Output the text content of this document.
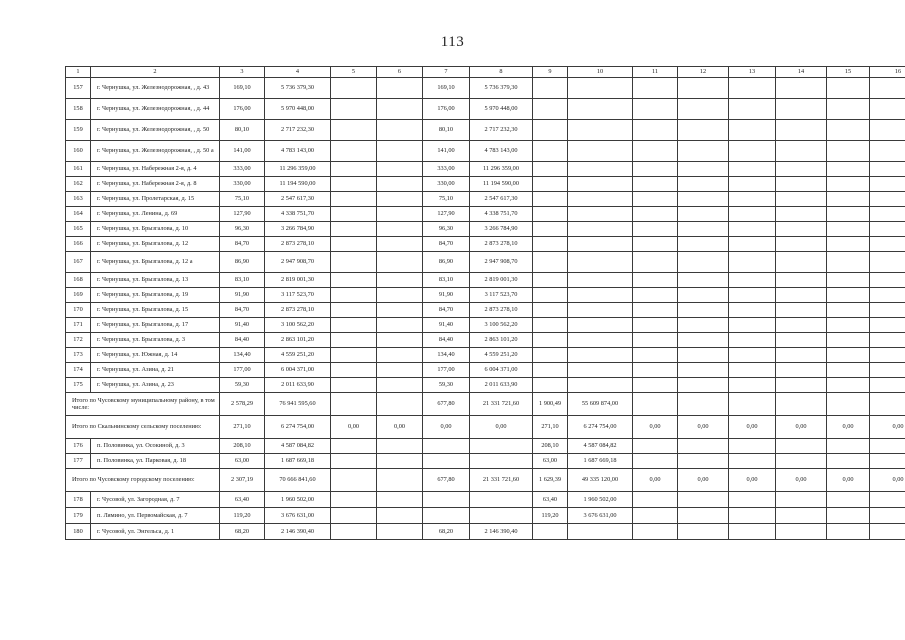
113
1	2	3	4	5	6	7	8	9	10	11	12	13	14	15	16	
157	г. Чернушка, ул. Железнодорожная, , д. 43	169,10	5 736 379,30			169,10	5 736 379,30									
158	г. Чернушка, ул. Железнодорожная, , д. 44	176,00	5 970 448,00			176,00	5 970 448,00									
159	г. Чернушка, ул. Железнодорожная, , д. 50	80,10	2 717 232,30			80,10	2 717 232,30									
160	г. Чернушка, ул. Железнодорожная, , д. 50 а	141,00	4 783 143,00			141,00	4 783 143,00									
161	г. Чернушка, ул. Набережная 2-я, д. 4	333,00	11 296 359,00			333,00	11 296 359,00									
162	г. Чернушка, ул. Набережная 2-я, д. 8	330,00	11 194 590,00			330,00	11 194 590,00									
163	г. Чернушка, ул. Пролетарская, д. 15	75,10	2 547 617,30			75,10	2 547 617,30									
164	г. Чернушка, ул. Ленина, д. 69	127,90	4 338 751,70			127,90	4 338 751,70									
165	г. Чернушка, ул. Брызгалова, д. 10	96,30	3 266 784,90			96,30	3 266 784,90									
166	г. Чернушка, ул. Брызгалова, д. 12	84,70	2 873 278,10			84,70	2 873 278,10									
167	г. Чернушка, ул. Брызгалова, д. 12 а	86,90	2 947 908,70			86,90	2 947 908,70									
168	г. Чернушка, ул. Брызгалова, д. 13	83,10	2 819 001,30			83,10	2 819 001,30									
169	г. Чернушка, ул. Брызгалова, д. 19	91,90	3 117 523,70			91,90	3 117 523,70									
170	г. Чернушка, ул. Брызгалова, д. 15	84,70	2 873 278,10			84,70	2 873 278,10									
171	г. Чернушка, ул. Брызгалова, д. 17	91,40	3 100 562,20			91,40	3 100 562,20									
172	г. Чернушка, ул. Брызгалова, д. 3	84,40	2 863 101,20			84,40	2 863 101,20									
173	г. Чернушка, ул. Южная, д. 14	134,40	4 559 251,20			134,40	4 559 251,20									
174	г. Чернушка, ул. Азина, д. 21	177,00	6 004 371,00			177,00	6 004 371,00									
175	г. Чернушка, ул. Азина, д. 23	59,30	2 011 633,90			59,30	2 011 633,90									
Итого по Чусовскому муниципальному району, в том числе:		2 578,29	76 941 595,60			677,80	21 331 721,60	1 900,49	55 609 874,00							
Итого по Скальнинскому сельскому поселению:		271,10	6 274 754,00	0,00	0,00	0,00	0,00	271,10	6 274 754,00	0,00	0,00	0,00	0,00	0,00	0,00	
176	п. Половинка, ул. Осокиной, д. 3	208,10	4 587 084,82					208,10	4 587 084,82							
177	п. Половинка, ул. Парковая, д. 18	63,00	1 687 669,18					63,00	1 687 669,18							
Итого по Чусовскому городскому поселению:		2 307,19	70 666 841,60			677,80	21 331 721,60	1 629,39	49 335 120,00	0,00	0,00	0,00	0,00	0,00	0,00	
178	г. Чусовой, ул. Загородная, д. 7	63,40	1 960 502,00					63,40	1 960 502,00							
179	п. Лямино, ул. Первомайская, д. 7	119,20	3 676 631,00					119,20	3 676 631,00							
180	г. Чусовой, ул. Энгельса, д. 1	68,20	2 146 390,40			68,20	2 146 390,40									
